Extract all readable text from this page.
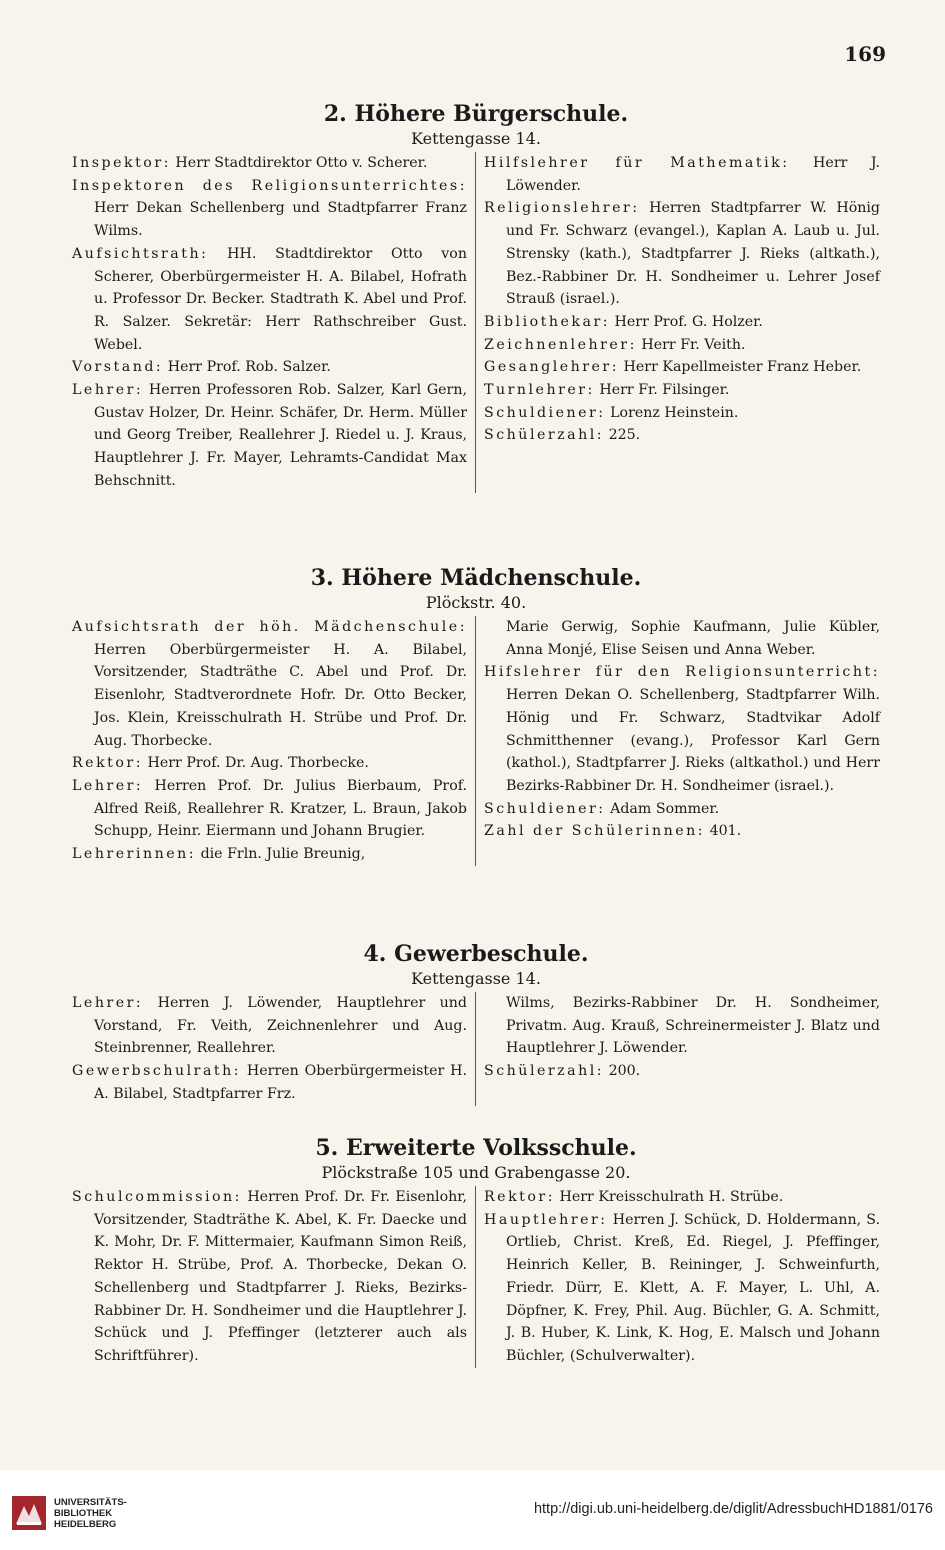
169
2. Höhere Bürgerschule.
Kettengasse 14.
Inspektor: Herr Stadtdirektor Otto v. Scherer.
Inspektoren des Religionsunterrichtes: Herr Dekan Schellenberg und Stadtpfarrer Franz Wilms.
Aufsichtsrath: HH. Stadtdirektor Otto von Scherer, Oberbürgermeister H. A. Bilabel, Hofrath u. Professor Dr. Becker. Stadtrath K. Abel und Prof. R. Salzer. Sekretär: Herr Rathschreiber Gust. Webel.
Vorstand: Herr Prof. Rob. Salzer.
Lehrer: Herren Professoren Rob. Salzer, Karl Gern, Gustav Holzer, Dr. Heinr. Schäfer, Dr. Herm. Müller und Georg Treiber, Reallehrer J. Riedel u. J. Kraus, Hauptlehrer J. Fr. Mayer, Lehramts-Candidat Max Behschnitt.
Hilfslehrer für Mathematik: Herr J. Löwender.
Religionslehrer: Herren Stadtpfarrer W. Hönig und Fr. Schwarz (evangel.), Kaplan A. Laub u. Jul. Strensky (kath.), Stadtpfarrer J. Rieks (altkath.), Bez.-Rabbiner Dr. H. Sondheimer u. Lehrer Josef Strauß (israel.).
Bibliothekar: Herr Prof. G. Holzer.
Zeichnenlehrer: Herr Fr. Veith.
Gesanglehrer: Herr Kapellmeister Franz Heber.
Turnlehrer: Herr Fr. Filsinger.
Schuldiener: Lorenz Heinstein.
Schülerzahl: 225.
3. Höhere Mädchenschule.
Plöckstr. 40.
Aufsichtsrath der höh. Mädchenschule: Herren Oberbürgermeister H. A. Bilabel, Vorsitzender, Stadträthe C. Abel und Prof. Dr. Eisenlohr, Stadtverordnete Hofr. Dr. Otto Becker, Jos. Klein, Kreisschulrath H. Strübe und Prof. Dr. Aug. Thorbecke.
Rektor: Herr Prof. Dr. Aug. Thorbecke.
Lehrer: Herren Prof. Dr. Julius Bierbaum, Prof. Alfred Reiß, Reallehrer R. Kratzer, L. Braun, Jakob Schupp, Heinr. Eiermann und Johann Brugier.
Lehrerinnen: die Frln. Julie Breunig,
Marie Gerwig, Sophie Kaufmann, Julie Kübler, Anna Monjé, Elise Seisen und Anna Weber.
Hifslehrer für den Religionsunterricht: Herren Dekan O. Schellenberg, Stadtpfarrer Wilh. Hönig und Fr. Schwarz, Stadtvikar Adolf Schmitthenner (evang.), Professor Karl Gern (kathol.), Stadtpfarrer J. Rieks (altkathol.) und Herr Bezirks-Rabbiner Dr. H. Sondheimer (israel.).
Schuldiener: Adam Sommer.
Zahl der Schülerinnen: 401.
4. Gewerbeschule.
Kettengasse 14.
Lehrer: Herren J. Löwender, Hauptlehrer und Vorstand, Fr. Veith, Zeichnenlehrer und Aug. Steinbrenner, Reallehrer.
Gewerbschulrath: Herren Oberbürgermeister H. A. Bilabel, Stadtpfarrer Frz.
Wilms, Bezirks-Rabbiner Dr. H. Sondheimer, Privatm. Aug. Krauß, Schreinermeister J. Blatz und Hauptlehrer J. Löwender.
Schülerzahl: 200.
5. Erweiterte Volksschule.
Plöckstraße 105 und Grabengasse 20.
Schulcommission: Herren Prof. Dr. Fr. Eisenlohr, Vorsitzender, Stadträthe K. Abel, K. Fr. Daecke und K. Mohr, Dr. F. Mittermaier, Kaufmann Simon Reiß, Rektor H. Strübe, Prof. A. Thorbecke, Dekan O. Schellenberg und Stadtpfarrer J. Rieks, Bezirks-Rabbiner Dr. H. Sondheimer und die Hauptlehrer J. Schück und J. Pfeffinger (letzterer auch als Schriftführer).
Rektor: Herr Kreisschulrath H. Strübe.
Hauptlehrer: Herren J. Schück, D. Holdermann, S. Ortlieb, Christ. Kreß, Ed. Riegel, J. Pfeffinger, Heinrich Keller, B. Reininger, J. Schweinfurth, Friedr. Dürr, E. Klett, A. F. Mayer, L. Uhl, A. Döpfner, K. Frey, Phil. Aug. Büchler, G. A. Schmitt, J. B. Huber, K. Link, K. Hog, E. Malsch und Johann Büchler, (Schulverwalter).
UNIVERSITÄTS-
BIBLIOTHEK
HEIDELBERG
http://digi.ub.uni-heidelberg.de/diglit/AdressbuchHD1881/0176
